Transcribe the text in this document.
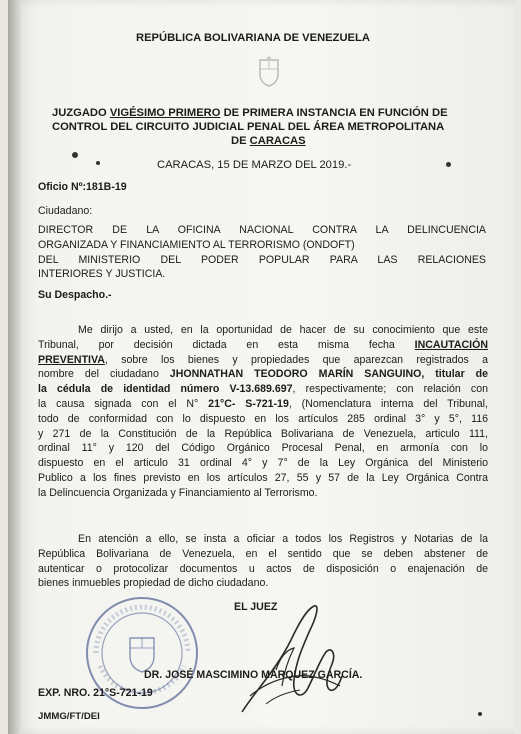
REPÚBLICA BOLIVARIANA DE VENEZUELA
JUZGADO VIGÉSIMO PRIMERO DE PRIMERA INSTANCIA EN FUNCIÓN DE
CONTROL DEL CIRCUITO JUDICIAL PENAL DEL ÁREA METROPOLITANA
DE CARACAS
CARACAS, 15 DE MARZO DEL 2019.-
Oficio Nº:181B-19
Ciudadano:
DIRECTOR DE LA OFICINA NACIONAL CONTRA LA DELINCUENCIA
ORGANIZADA Y FINANCIAMIENTO AL TERRORISMO (ONDOFT)
DEL MINISTERIO DEL PODER POPULAR PARA LAS RELACIONES
INTERIORES Y JUSTICIA.
Su Despacho.-
Me dirijo a usted, en la oportunidad de hacer de su conocimiento que este
Tribunal, por decisión dictada en esta misma fecha INCAUTACIÓN
PREVENTIVA, sobre los bienes y propiedades que aparezcan registrados a
nombre del ciudadano JHONNATHAN TEODORO MARÍN SANGUINO, titular de
la cédula de identidad número V-13.689.697, respectivamente; con relación con
la causa signada con el N° 21°C- S-721-19, (Nomenclatura interna del Tribunal,
todo de conformidad con lo dispuesto en los artículos 285 ordinal 3° y 5°, 116
y 271 de la Constitución de la República Bolivariana de Venezuela, articulo 111,
ordinal 11° y 120 del Código Orgánico Procesal Penal, en armonía con lo
dispuesto en el articulo 31 ordinal 4° y 7° de la Ley Orgánica del Ministerio
Publico a los fines previsto en los artículos 27, 55 y 57 de la Ley Orgánica Contra
la Delincuencia Organizada y Financiamiento al Terrorismo.
En atención a ello, se insta a oficiar a todos los Registros y Notarias de la
República Bolivariana de Venezuela, en el sentido que se deben abstener de
autenticar o protocolizar documentos u actos de disposición o enajenación de
bienes inmuebles propiedad de dicho ciudadano.
EL JUEZ
DR. JOSÉ MASCIMINO MÁRQUEZ GARCÍA.
EXP. NRO. 21°S-721-19
JMMG/FT/DEI
